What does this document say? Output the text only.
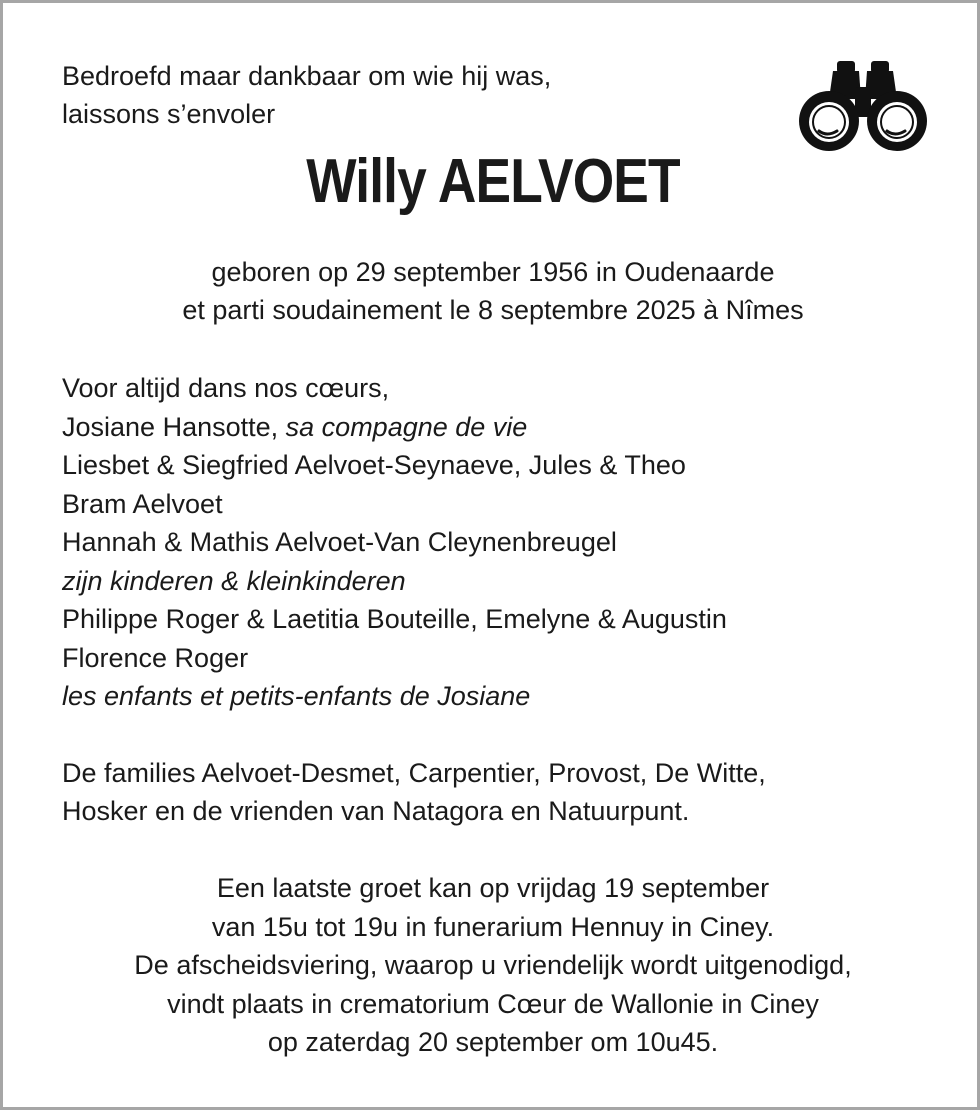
Bedroefd maar dankbaar om wie hij was,
laissons s’envoler
Willy AELVOET
geboren op 29 september 1956 in Oudenaarde
et parti soudainement le 8 septembre 2025 à Nîmes
Voor altijd dans nos cœurs,
Josiane Hansotte, sa compagne de vie
Liesbet & Siegfried Aelvoet-Seynaeve, Jules & Theo
Bram Aelvoet
Hannah & Mathis Aelvoet-Van Cleynenbreugel
zijn kinderen & kleinkinderen
Philippe Roger & Laetitia Bouteille, Emelyne & Augustin
Florence Roger
les enfants et petits-enfants de Josiane
De families Aelvoet-Desmet, Carpentier, Provost, De Witte,
Hosker en de vrienden van Natagora en Natuurpunt.
Een laatste groet kan op vrijdag 19 september
van 15u tot 19u in funerarium Hennuy in Ciney.
De afscheidsviering, waarop u vriendelijk wordt uitgenodigd,
vindt plaats in crematorium Cœur de Wallonie in Ciney
op zaterdag 20 september om 10u45.
